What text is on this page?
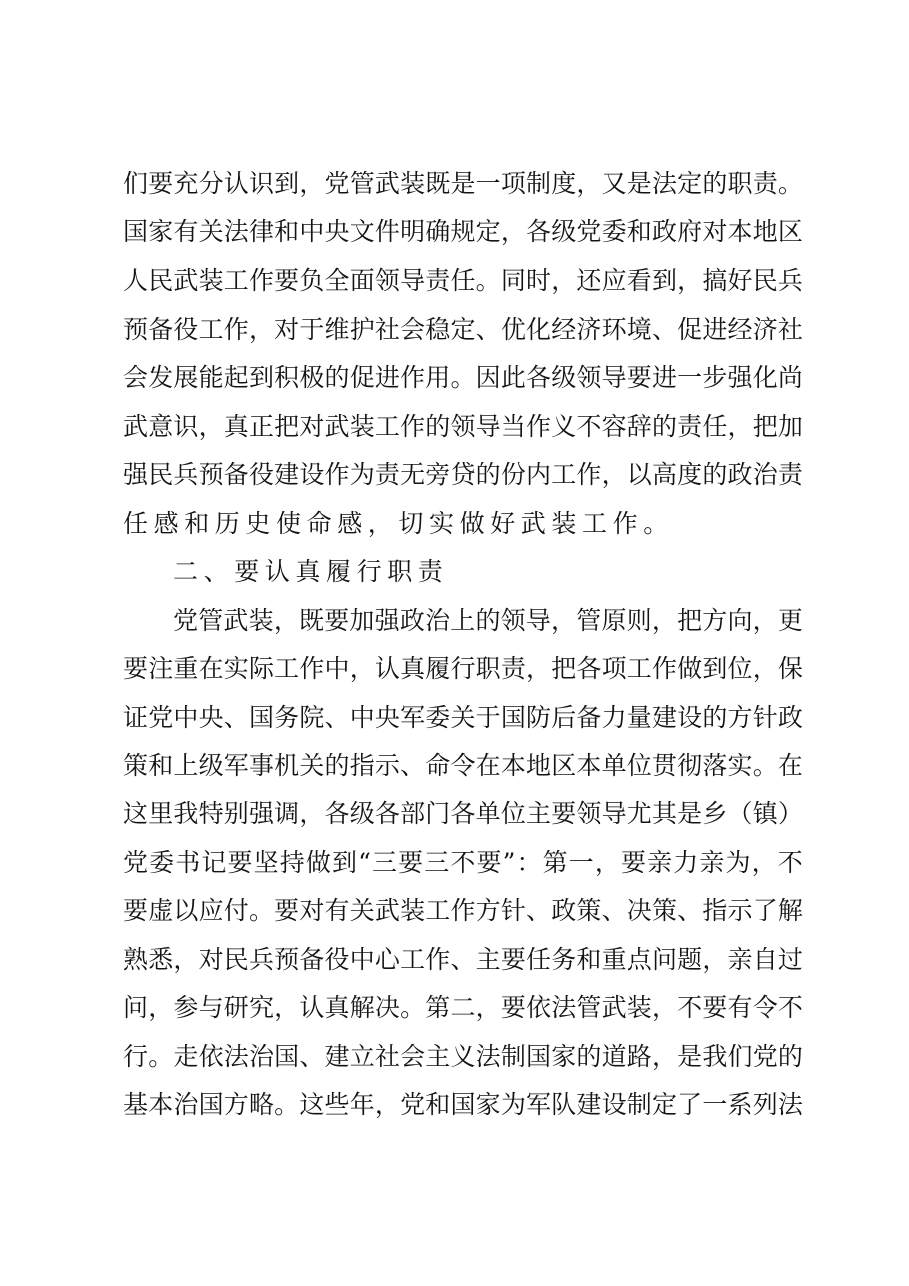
们 要 充 分 认 识 到 ， 党 管 武 装 既 是 一 项 制 度 ， 又 是 法 定 的 职 责 。
国 家 有 关 法 律 和 中 央 文 件 明 确 规 定 ， 各 级 党 委 和 政 府 对 本 地 区
人 民 武 装 工 作 要 负 全 面 领 导 责 任 。 同 时 ， 还 应 看 到 ， 搞 好 民 兵
预 备 役 工 作 ， 对 于 维 护 社 会 稳 定 、 优 化 经 济 环 境 、 促 进 经 济 社
会 发 展 能 起 到 积 极 的 促 进 作 用 。 因 此 各 级 领 导 要 进 一 步 强 化 尚
武 意 识 ， 真 正 把 对 武 装 工 作 的 领 导 当 作 义 不 容 辞 的 责 任 ， 把 加
强 民 兵 预 备 役 建 设 作 为 责 无 旁 贷 的 份 内 工 作 ， 以 高 度 的 政 治 责
任感和历史使命感，切实做好武装工作。
二、要认真履行职责
党 管 武 装 ， 既 要 加 强 政 治 上 的 领 导 ， 管 原 则 ， 把 方 向 ， 更
要 注 重 在 实 际 工 作 中 ， 认 真 履 行 职 责 ， 把 各 项 工 作 做 到 位 ， 保
证 党 中 央 、 国 务 院 、 中 央 军 委 关 于 国 防 后 备 力 量 建 设 的 方 针 政
策 和 上 级 军 事 机 关 的 指 示 、 命 令 在 本 地 区 本 单 位 贯 彻 落 实 。 在
这 里 我 特 别 强 调 ， 各 级 各 部 门 各 单 位 主 要 领 导 尤 其 是 乡 （ 镇 ）
党 委 书 记 要 坚 持 做 到 “ 三 要 三 不 要 ” ： 第 一 ， 要 亲 力 亲 为 ， 不
要 虚 以 应 付 。 要 对 有 关 武 装 工 作 方 针 、 政 策 、 决 策 、 指 示 了 解
熟 悉 ， 对 民 兵 预 备 役 中 心 工 作 、 主 要 任 务 和 重 点 问 题 ， 亲 自 过
问 ， 参 与 研 究 ， 认 真 解 决 。 第 二 ， 要 依 法 管 武 装 ， 不 要 有 令 不
行 。 走 依 法 治 国 、 建 立 社 会 主 义 法 制 国 家 的 道 路 ， 是 我 们 党 的
基 本 治 国 方 略 。 这 些 年 ， 党 和 国 家 为 军 队 建 设 制 定 了 一 系 列 法
